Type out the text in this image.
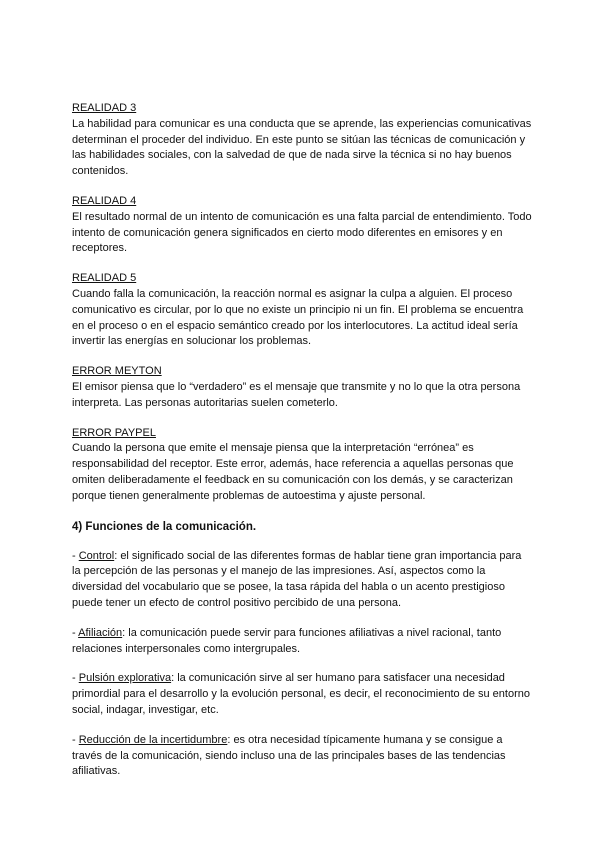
REALIDAD 3
La habilidad para comunicar es una conducta que se aprende, las experiencias comunicativas determinan el proceder del individuo. En este punto se sitúan las técnicas de comunicación y las habilidades sociales, con la salvedad de que de nada sirve la técnica si no hay buenos contenidos.
REALIDAD 4
El resultado normal de un intento de comunicación es una falta parcial de entendimiento. Todo intento de comunicación genera significados en cierto modo diferentes en emisores y en receptores.
REALIDAD 5
Cuando falla la comunicación, la reacción normal es asignar la culpa a alguien. El proceso comunicativo es circular, por lo que no existe un principio ni un fin. El problema se encuentra en el proceso o en el espacio semántico creado por los interlocutores. La actitud ideal sería invertir las energías en solucionar los problemas.
ERROR MEYTON
El emisor piensa que lo “verdadero” es el mensaje que transmite y no lo que la otra persona interpreta. Las personas autoritarias suelen cometerlo.
ERROR PAYPEL
Cuando la persona que emite el mensaje piensa que la interpretación “errónea” es responsabilidad del receptor. Este error, además, hace referencia a aquellas personas que omiten deliberadamente el feedback en su comunicación con los demás, y se caracterizan porque tienen generalmente problemas de autoestima y ajuste personal.
4) Funciones de la comunicación.
- Control: el significado social de las diferentes formas de hablar tiene gran importancia para la percepción de las personas y el manejo de las impresiones. Así, aspectos como la diversidad del vocabulario que se posee, la tasa rápida del habla o un acento prestigioso puede tener un efecto de control positivo percibido de una persona.
- Afiliación: la comunicación puede servir para funciones afiliativas a nivel racional, tanto relaciones interpersonales como intergrupales.
- Pulsión explorativa: la comunicación sirve al ser humano para satisfacer una necesidad primordial para el desarrollo y la evolución personal, es decir, el reconocimiento de su entorno social, indagar, investigar, etc.
- Reducción de la incertidumbre: es otra necesidad típicamente humana y se consigue a través de la comunicación, siendo incluso una de las principales bases de las tendencias afiliativas.
